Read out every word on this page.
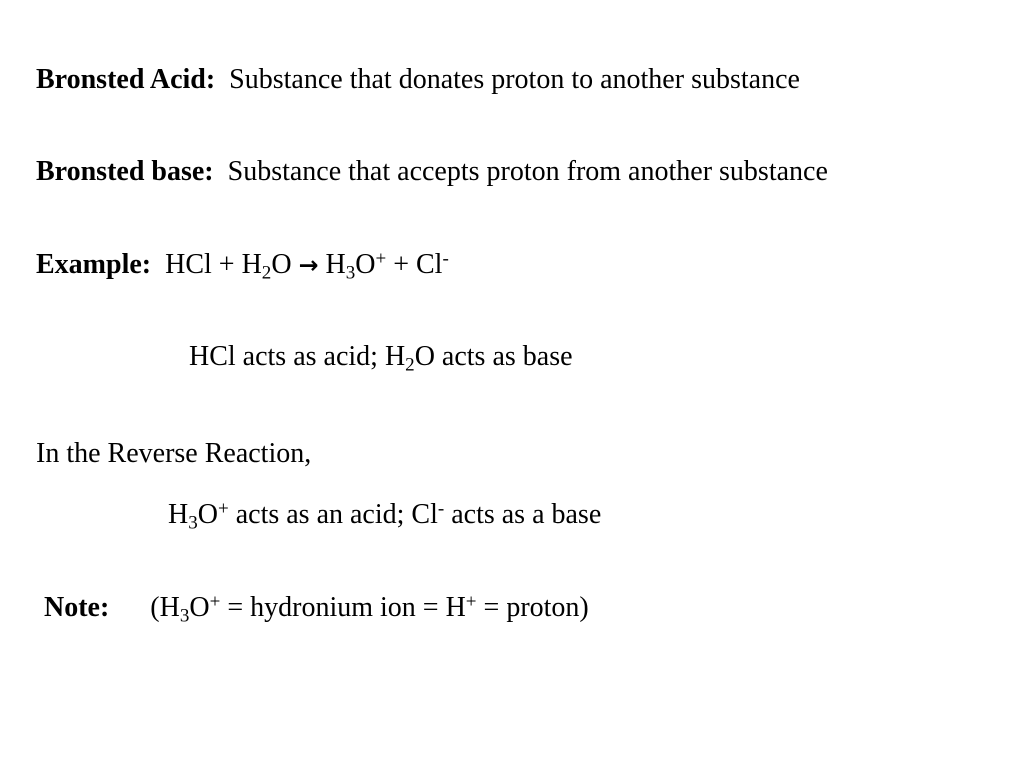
Bronsted Acid: Substance that donates proton to another substance
Bronsted base: Substance that accepts proton from another substance
Example: HCl + $H_2O \to H_3O^+ + Cl^-$
HCl acts as acid; $H_2O$ acts as base
In the Reverse Reaction,
$H_3O^+$ acts as an acid; Cl- acts as a base
Note: ($H_3O^+$ = hydronium ion = H+ = proton)
